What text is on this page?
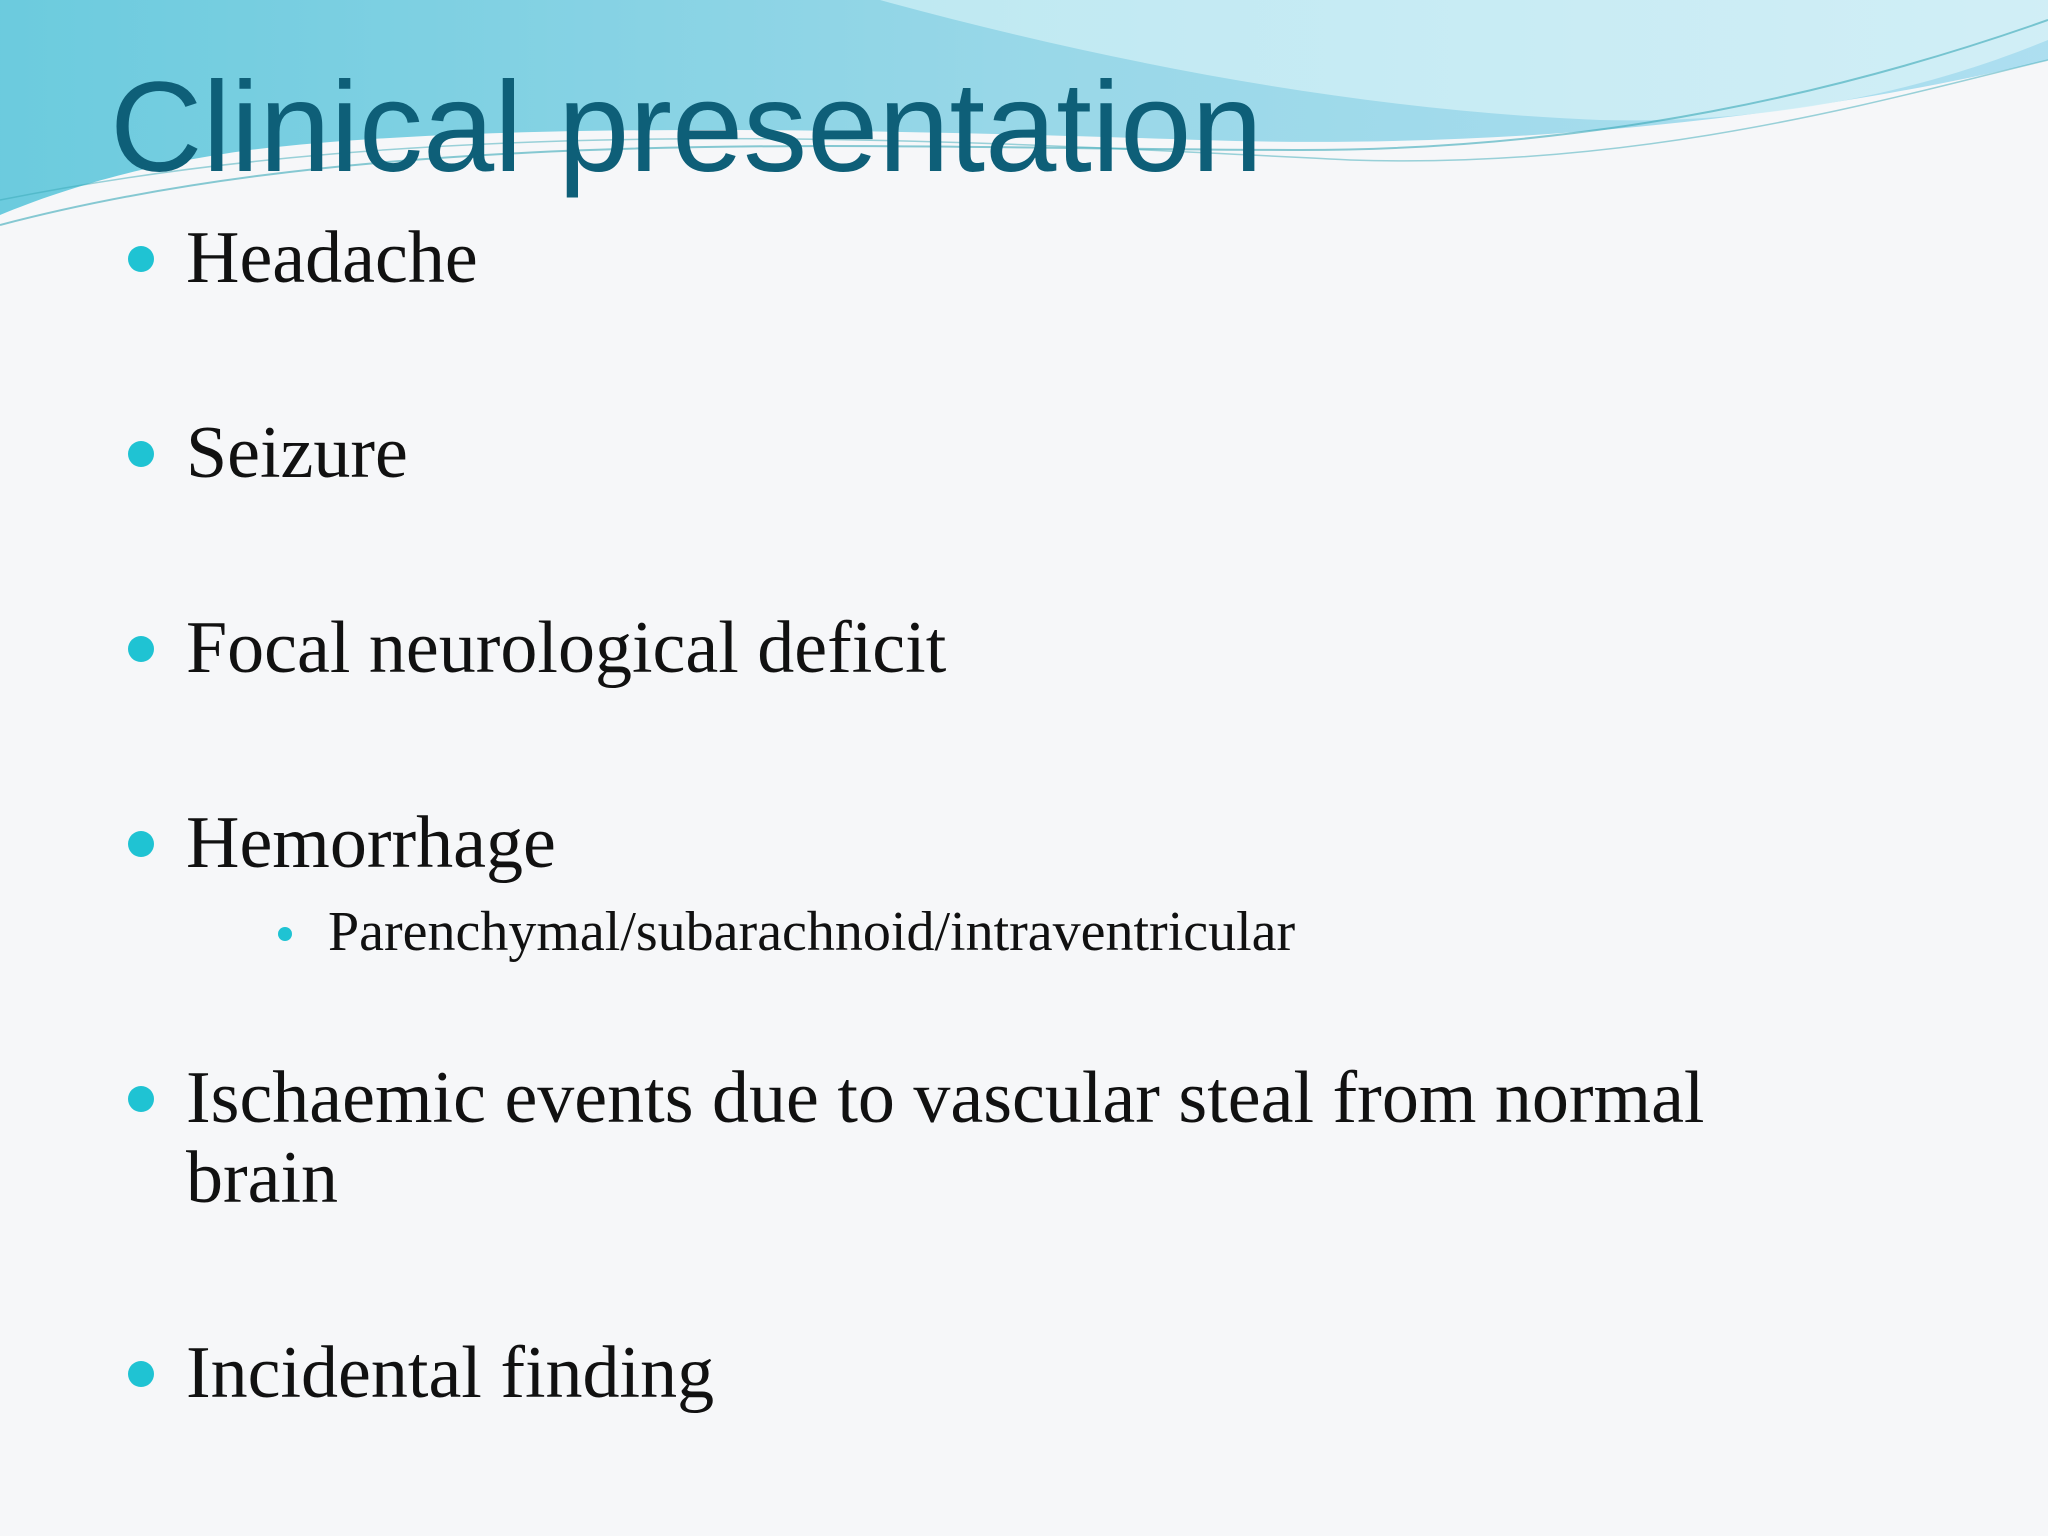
Clinical presentation

Headache

Seizure

Focal neurological deficit

Hemorrhage

Parenchymal/subarachnoid/intraventricular

Ischaemic events due to vascular steal from normal brain

Incidental finding
